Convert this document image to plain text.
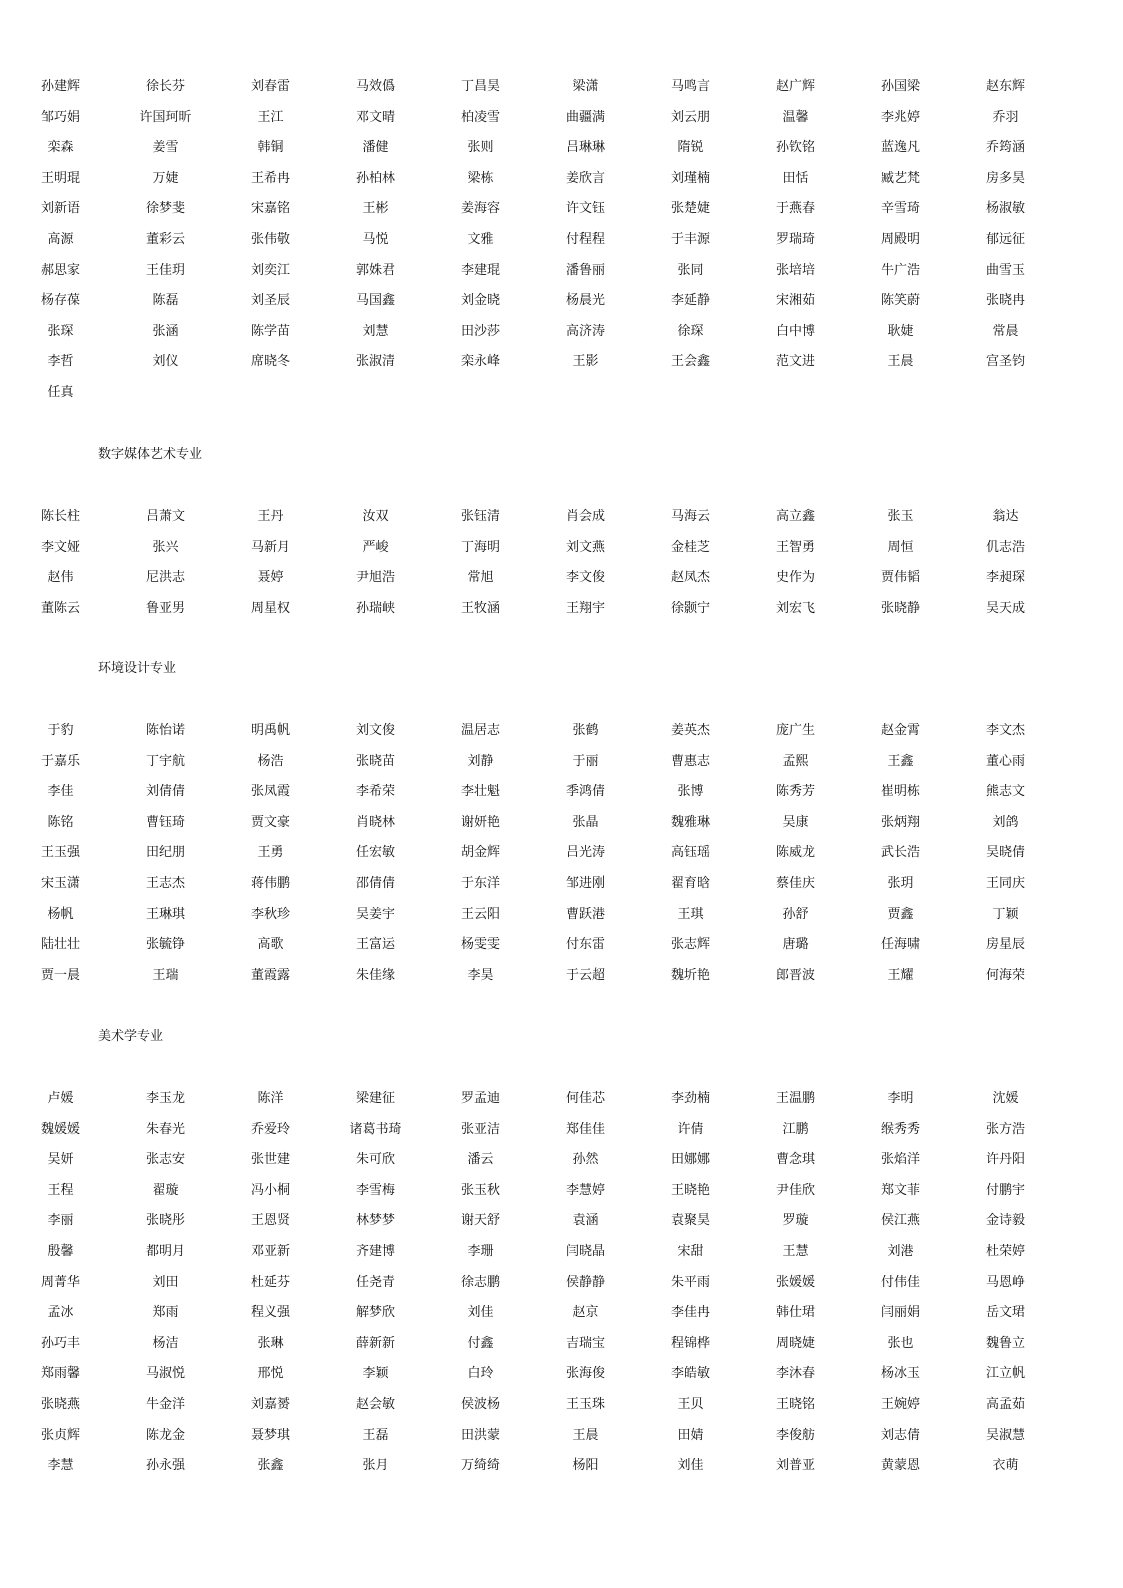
孙建辉	徐长芬	刘春雷	马效僞	丁昌昊	梁潇	马鸣言	赵广辉	孙国梁	赵东辉
邹巧娟	许国珂昕	王江	邓文晴	柏凌雪	曲疆满	刘云朋	温馨	李兆婷	乔羽
栾森	姜雪	韩铜	潘健	张则	吕琳琳	隋锐	孙钦铭	蓝逸凡	乔筠涵
王明琨	万婕	王希冉	孙柏林	梁栋	姜欣言	刘瑾楠	田恬	臧艺梵	房多昊
刘新语	徐梦斐	宋嘉铭	王彬	姜海容	许文钰	张楚婕	于燕春	辛雪琦	杨淑敏
高源	董彩云	张伟敬	马悦	文雅	付程程	于丰源	罗瑞琦	周殿明	郁远征
郝思家	王佳玥	刘奕江	郭姝君	李建琨	潘鲁丽	张同	张培培	牛广浩	曲雪玉
杨存葆	陈磊	刘圣辰	马国鑫	刘金晓	杨晨光	李延静	宋湘茹	陈笑蔚	张晓冉
张琛	张涵	陈学苗	刘慧	田沙莎	高济涛	徐琛	白中博	耿婕	常晨
李哲	刘仪	席晓冬	张淑清	栾永峰	王影	王会鑫	范文进	王晨	宫圣钧
任真
数字媒体艺术专业
陈长柱	吕萧文	王丹	汝双	张钰清	肖会成	马海云	高立鑫	张玉	翁达
李文娅	张兴	马新月	严峻	丁海明	刘文燕	金桂芝	王智勇	周恒	仉志浩
赵伟	尼洪志	聂婷	尹旭浩	常旭	李文俊	赵凤杰	史作为	贾伟韬	李昶琛
董陈云	鲁亚男	周星权	孙瑞峡	王牧涵	王翔宇	徐颢宁	刘宏飞	张晓静	吴天成
环境设计专业
于豹	陈怡诺	明禹帆	刘文俊	温居志	张鹤	姜英杰	庞广生	赵金霄	李文杰
于嘉乐	丁宇航	杨浩	张晓苗	刘静	于丽	曹惠志	孟熙	王鑫	董心雨
李佳	刘倩倩	张凤霞	李希荣	李壮魁	季鸿倩	张博	陈秀芳	崔明栋	熊志文
陈铭	曹钰琦	贾文豪	肖晓林	谢妍艳	张晶	魏雅琳	吴康	张炳翔	刘鸽
王玉强	田纪朋	王勇	任宏敏	胡金辉	吕光涛	高钰瑶	陈威龙	武长浩	吴晓倩
宋玉潇	王志杰	蒋伟鹏	邵倩倩	于东洋	邹进刚	翟育晗	蔡佳庆	张玥	王同庆
杨帆	王琳琪	李秋珍	吴姜宇	王云阳	曹跃港	王琪	孙舒	贾鑫	丁颖
陆壮壮	张毓铮	高歌	王富运	杨雯雯	付东雷	张志辉	唐璐	任海啸	房星辰
贾一晨	王瑞	董霞露	朱佳缘	李昊	于云超	魏圻艳	郎晋波	王耀	何海荣
美术学专业
卢媛	李玉龙	陈洋	梁建征	罗孟迪	何佳芯	李劲楠	王温鹏	李明	沈媛
魏媛媛	朱春光	乔爱玲	诸葛书琦	张亚洁	郑佳佳	许倩	江鹏	缑秀秀	张方浩
吴妍	张志安	张世建	朱可欣	潘云	孙然	田娜娜	曹念琪	张焰洋	许丹阳
王程	翟璇	冯小桐	李雪梅	张玉秋	李慧婷	王晓艳	尹佳欣	郑文菲	付鹏宇
李丽	张晓彤	王恩贤	林梦梦	谢天舒	袁涵	袁聚昊	罗璇	侯江燕	金诗毅
殷馨	都明月	邓亚新	齐建博	李珊	闫晓晶	宋甜	王慧	刘港	杜荣婷
周菁华	刘田	杜延芬	任尧青	徐志鹏	侯静静	朱平雨	张媛媛	付伟佳	马恩峥
孟冰	郑雨	程义强	解梦欣	刘佳	赵京	李佳冉	韩仕珺	闫丽娟	岳文珺
孙巧丰	杨洁	张琳	薛新新	付鑫	吉瑞宝	程锦桦	周晓婕	张也	魏鲁立
郑雨馨	马淑悦	邢悦	李颖	白玲	张海俊	李皓敏	李沐春	杨冰玉	江立帆
张晓燕	牛金洋	刘嘉赟	赵会敏	侯波杨	王玉珠	王贝	王晓铭	王婉婷	高孟茹
张贞辉	陈龙金	聂梦琪	王磊	田洪蒙	王晨	田婧	李俊舫	刘志倩	吴淑慧
李慧	孙永强	张鑫	张月	万绮绮	杨阳	刘佳	刘普亚	黄蒙恩	衣萌
